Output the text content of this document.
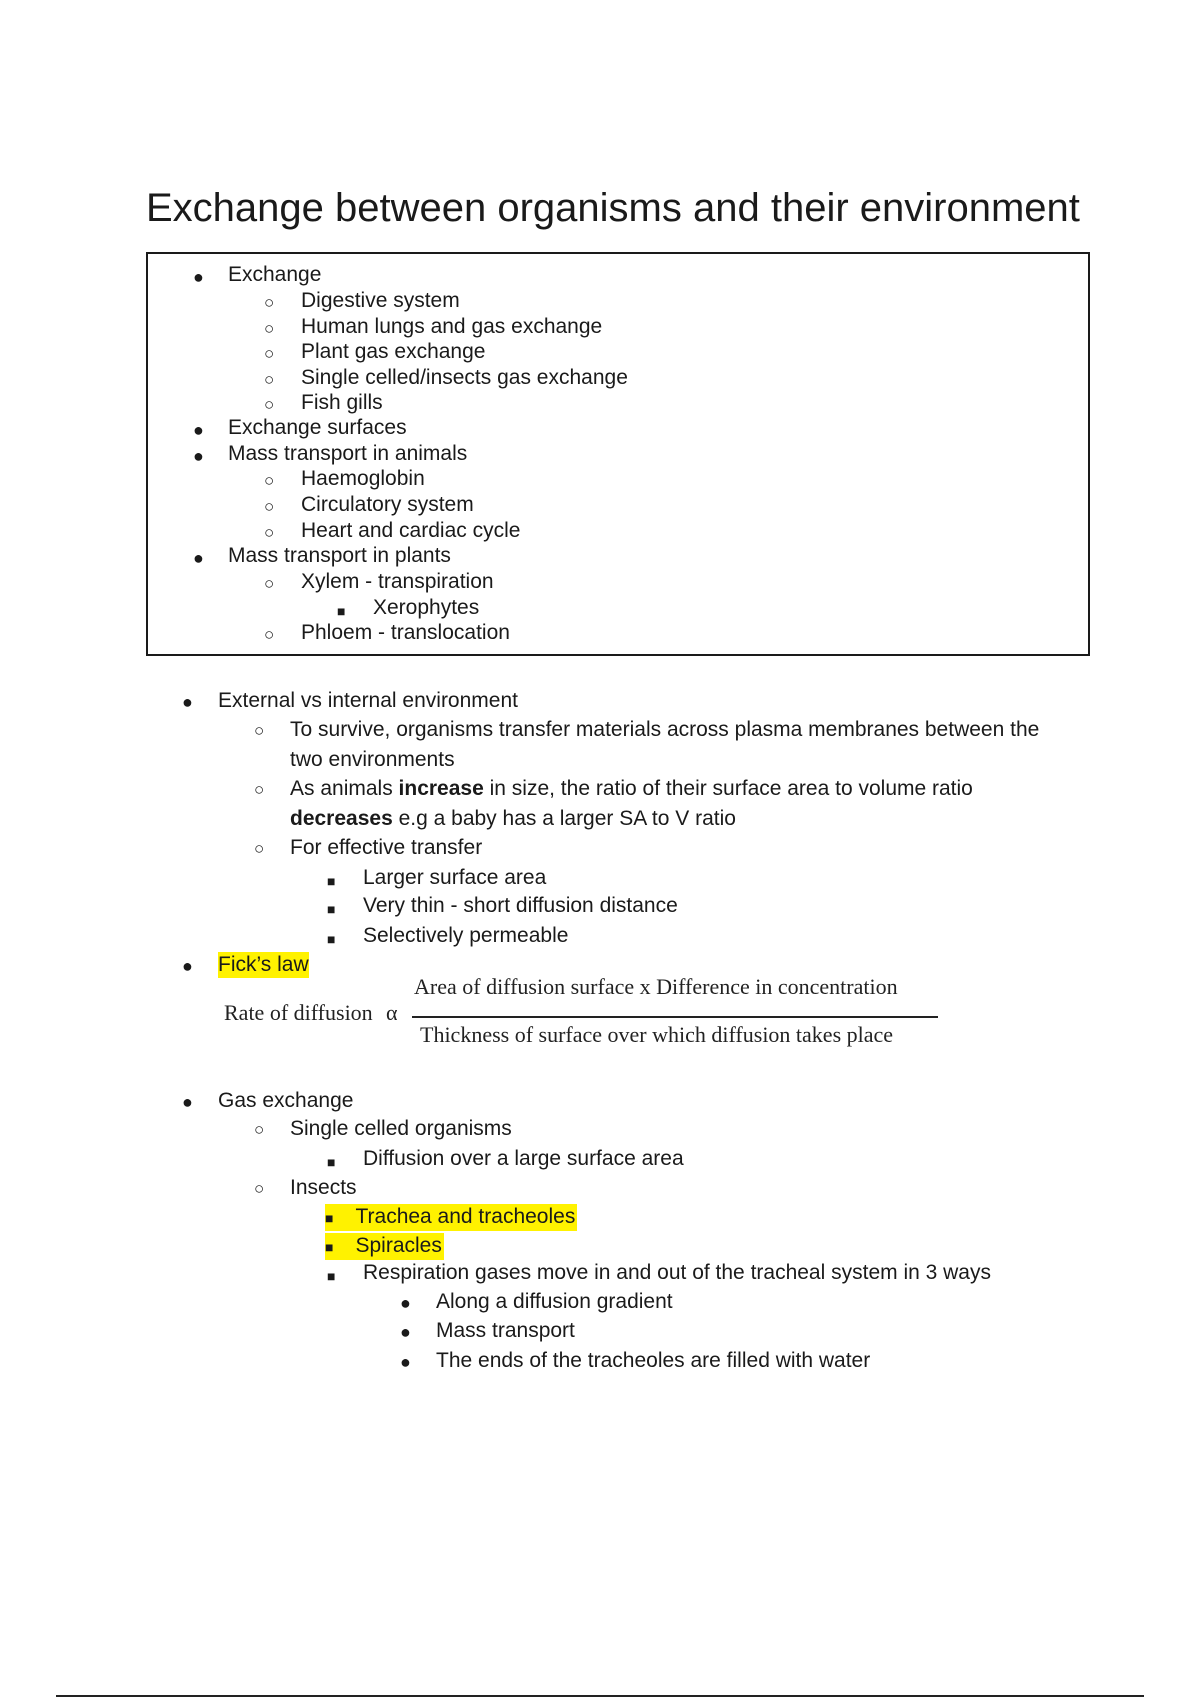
Exchange between organisms and their environment
● Exchange
○ Digestive system
○ Human lungs and gas exchange
○ Plant gas exchange
○ Single celled/insects gas exchange
○ Fish gills
● Exchange surfaces
● Mass transport in animals
○ Haemoglobin
○ Circulatory system
○ Heart and cardiac cycle
● Mass transport in plants
○ Xylem - transpiration
■ Xerophytes
○ Phloem - translocation
● External vs internal environment
○ To survive, organisms transfer materials across plasma membranes between the
two environments
○ As animals increase in size, the ratio of their surface area to volume ratio
decreases e.g a baby has a larger SA to V ratio
○ For effective transfer
■ Larger surface area
■ Very thin - short diffusion distance
■ Selectively permeable
● Fick’s law
Rate of diffusion α
Area of diffusion surface x Difference in concentration
Thickness of surface over which diffusion takes place
● Gas exchange
○ Single celled organisms
■ Diffusion over a large surface area
○ Insects
■ Trachea and tracheoles
■ Spiracles
■ Respiration gases move in and out of the tracheal system in 3 ways
● Along a diffusion gradient
● Mass transport
● The ends of the tracheoles are filled with water
